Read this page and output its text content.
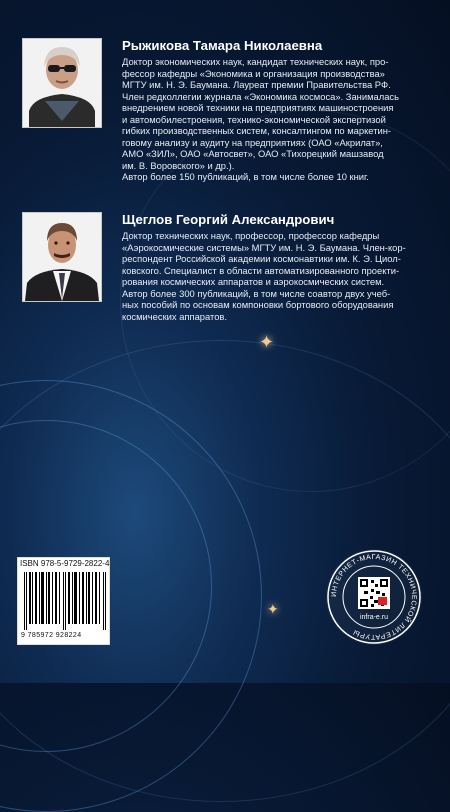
✦
✦
Рыжикова Тамара Николаевна
Доктор экономических наук, кандидат технических наук, про-
фессор кафедры «Экономика и организация производства»
МГТУ им. Н. Э. Баумана. Лауреат премии Правительства РФ.
Член редколлегии журнала «Экономика космоса». Занималась
внедрением новой техники на предприятиях машиностроения
и автомобилестроения, технико-экономической экспертизой
гибких производственных систем, консалтингом по маркетин-
говому анализу и аудиту на предприятиях (ОАО «Акрилат»,
АМО «ЗИЛ», ОАО «Автосвет», ОАО «Тихорецкий машзавод
им. В. Воровского» и др.).
Автор более 150 публикаций, в том числе более 10 книг.
Щеглов Георгий Александрович
Доктор технических наук, профессор, профессор кафедры
«Аэрокосмические системы» МГТУ им. Н. Э. Баумана. Член-кор-
респондент Российской академии космонавтики им. К. Э. Циол-
ковского. Специалист в области автоматизированного проекти-
рования космических аппаратов и аэрокосмических систем.
Автор более 300 публикаций, в том числе соавтор двух учеб-
ных пособий по основам компоновки бортового оборудования
космических аппаратов.
ISBN 978-5-9729-2822-4
9 785972 928224
ИНТЕРНЕТ-МАГАЗИН ТЕХНИЧЕСКОЙ ЛИТЕРАТУРЫ
infra-e.ru
